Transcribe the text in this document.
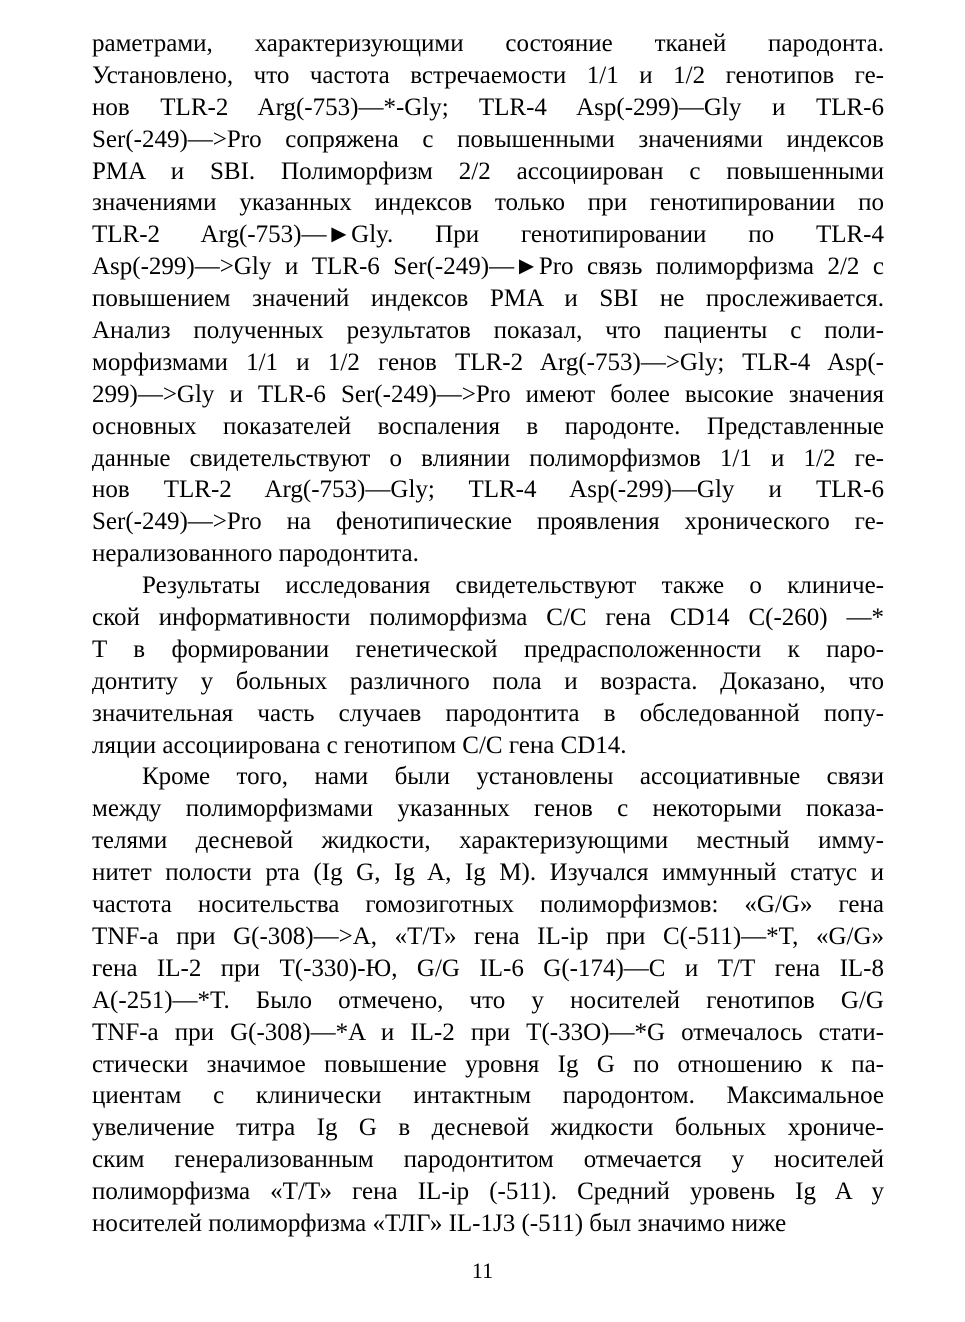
раметрами, характеризующими состояние тканей пародонта.
Установлено, что частота встречаемости 1/1 и 1/2 генотипов ге-
нов TLR-2 Arg(-753)—*-Gly; TLR-4 Asp(-299)—Gly и TLR-6
Ser(-249)—>Pro сопряжена с повышенными значениями индексов
PMA и SBI. Полиморфизм 2/2 ассоциирован с повышенными
значениями указанных индексов только при генотипировании по
TLR-2 Arg(-753)—►Gly. При генотипировании по TLR-4
Asp(-299)—>Gly и TLR-6 Ser(-249)—►Pro связь полиморфизма 2/2 с
повышением значений индексов PMA и SBI не прослеживается.
Анализ полученных результатов показал, что пациенты с поли-
морфизмами 1/1 и 1/2 генов TLR-2 Arg(-753)—>Gly; TLR-4 Asp(-
299)—>Gly и TLR-6 Ser(-249)—>Pro имеют более высокие значения
основных показателей воспаления в пародонте. Представленные
данные свидетельствуют о влиянии полиморфизмов 1/1 и 1/2 ге-
нов TLR-2 Arg(-753)—Gly; TLR-4 Asp(-299)—Gly и TLR-6
Ser(-249)—>Pro на фенотипические проявления хронического ге-
нерализованного пародонтита.
Результаты исследования свидетельствуют также о клиниче-
ской информативности полиморфизма С/С гена CD14 C(-260) —*
T в формировании генетической предрасположенности к паро-
донтиту у больных различного пола и возраста. Доказано, что
значительная часть случаев пародонтита в обследованной попу-
ляции ассоциирована с генотипом С/С гена CD14.
Кроме того, нами были установлены ассоциативные связи
между полиморфизмами указанных генов с некоторыми показа-
телями десневой жидкости, характеризующими местный иммy-
нитет полости рта (Ig G, Ig A, Ig M). Изучался иммунный статус и
частота носительства гомозиготных полиморфизмов: «G/G» гена
TNF-a при G(-308)—>A, «Т/Т» гена IL-ip при С(-511)—*T, «G/G»
гена IL-2 при Т(-330)-Ю, G/G IL-6 G(-174)—С и Т/Т гена IL-8
A(-251)—*T. Было отмечено, что у носителей генотипов G/G
TNF-a при G(-308)—*A и IL-2 при T(-33O)—*G отмечалось стати-
стически значимое повышение уровня Ig G по отношению к па-
циентам с клинически интактным пародонтом. Максимальное
увеличение титра Ig G в десневой жидкости больных хрониче-
ским генерализованным пародонтитом отмечается у носителей
полиморфизма «Т/Т» гена IL-ip (-511). Средний уровень Ig A у
носителей полиморфизма «ТЛГ» IL-1J3 (-511) был значимо ниже
11
